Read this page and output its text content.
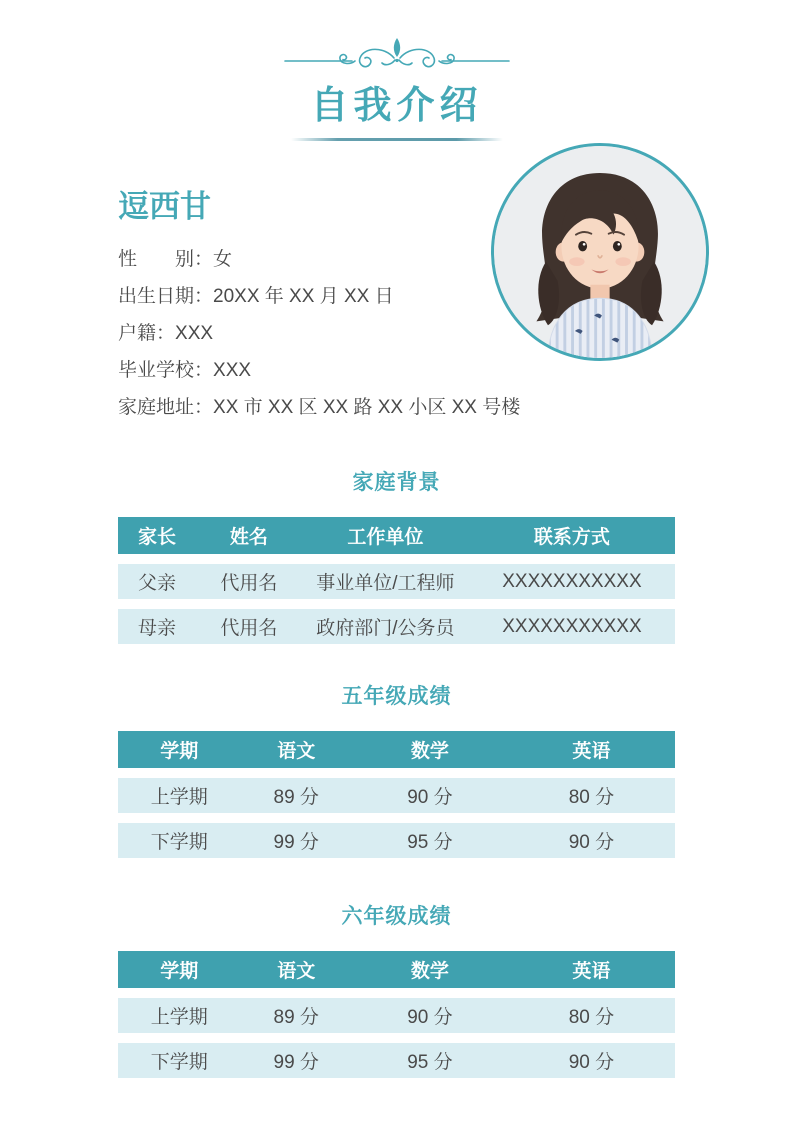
自我介绍
逗西甘
性　　别：女
出生日期：20XX 年 XX 月 XX 日
户籍：XXX
毕业学校：XXX
家庭地址：XX 市 XX 区 XX 路 XX 小区 XX 号楼
家庭背景
家长	姓名	工作单位	联系方式
父亲	代用名	事业单位/工程师	XXXXXXXXXXX
母亲	代用名	政府部门/公务员	XXXXXXXXXXX
五年级成绩
学期	语文	数学	英语
上学期	89 分	90 分	80 分
下学期	99 分	95 分	90 分
六年级成绩
学期	语文	数学	英语
上学期	89 分	90 分	80 分
下学期	99 分	95 分	90 分
